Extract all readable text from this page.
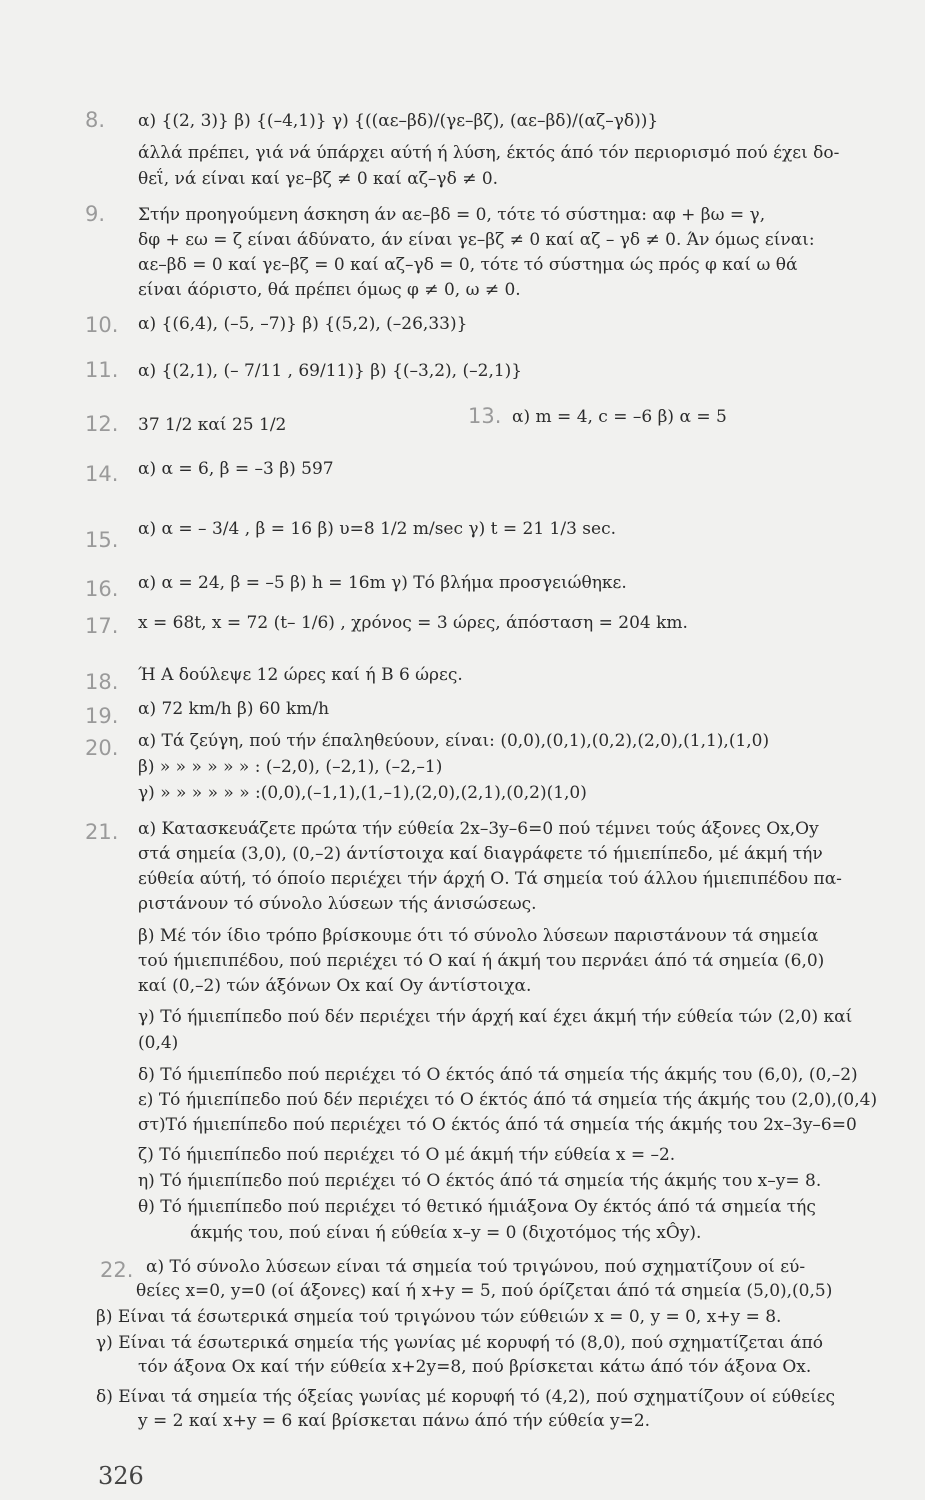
8.	α) {(2, 3)} β) {(–4,1)} γ) {((αε–βδ)/(γε–βζ), (αε–βδ)/(αζ–γδ))}
άλλά πρέπει, γιά νά ύπάρχει αύτή ή λύση, έκτός άπό τόν περιορισμό πού έχει δο-
θεΐ, νά είναι καί γε–βζ ≠ 0 καί αζ–γδ ≠ 0.
9.	Στήν προηγούμενη άσκηση άν αε–βδ = 0, τότε τό σύστημα: αφ + βω = γ,
δφ + εω = ζ είναι άδύνατο, άν είναι γε–βζ ≠ 0 καί αζ – γδ ≠ 0. Άν όμως είναι:
αε–βδ = 0 καί γε–βζ = 0 καί αζ–γδ = 0, τότε τό σύστημα ώς πρός φ καί ω θά
είναι άόριστο, θά πρέπει όμως φ ≠ 0, ω ≠ 0.
10.	α) {(6,4), (–5, –7)} β) {(5,2), (–26,33)}
11.	α) {(2,1), (– 7/11 , 69/11)} β) {(–3,2), (–2,1)}
12.	37 1/2 καί 25 1/2	13. α) m = 4, c = –6 β) α = 5
14.	α) α = 6, β = –3 β) 597
15.	α) α = – 3/4 , β = 16 β) υ=8 1/2 m/sec γ) t = 21 1/3 sec.
16.	α) α = 24, β = –5 β) h = 16m γ) Τό βλήμα προσγειώθηκε.
17.	x = 68t, x = 72 (t– 1/6) , χρόνος = 3 ώρες, άπόσταση = 204 km.
18.	Ή Α δούλεψε 12 ώρες καί ή Β 6 ώρες.
19.	α) 72 km/h β) 60 km/h
20.	α) Τά ζεύγη, πού τήν έπαληθεύουν, είναι: (0,0),(0,1),(0,2),(2,0),(1,1),(1,0)
β) » » » » » » : (–2,0), (–2,1), (–2,–1)
γ) » » » » » » :(0,0),(–1,1),(1,–1),(2,0),(2,1),(0,2)(1,0)
21.	α) Κατασκευάζετε πρώτα τήν εύθεία 2x–3y–6=0 πού τέμνει τούς άξονες Ox,Oy
στά σημεία (3,0), (0,–2) άντίστοιχα καί διαγράφετε τό ήμιεπίπεδο, μέ άκμή τήν
εύθεία αύτή, τό όποίο περιέχει τήν άρχή Ο. Τά σημεία τού άλλου ήμιεπιπέδου πα-
ριστάνουν τό σύνολο λύσεων τής άνισώσεως.
β) Μέ τόν ίδιο τρόπο βρίσκουμε ότι τό σύνολο λύσεων παριστάνουν τά σημεία
τού ήμιεπιπέδου, πού περιέχει τό Ο καί ή άκμή του περνάει άπό τά σημεία (6,0)
καί (0,–2) τών άξόνων Ox καί Oy άντίστοιχα.
γ) Τό ήμιεπίπεδο πού δέν περιέχει τήν άρχή καί έχει άκμή τήν εύθεία τών (2,0) καί
(0,4)
δ) Τό ήμιεπίπεδο πού περιέχει τό Ο έκτός άπό τά σημεία τής άκμής του (6,0), (0,–2)
ε) Τό ήμιεπίπεδο πού δέν περιέχει τό Ο έκτός άπό τά σημεία τής άκμής του (2,0),(0,4)
στ)Τό ήμιεπίπεδο πού περιέχει τό Ο έκτός άπό τά σημεία τής άκμής του 2x–3y–6=0
ζ) Τό ήμιεπίπεδο πού περιέχει τό Ο μέ άκμή τήν εύθεία x = –2.
η) Τό ήμιεπίπεδο πού περιέχει τό Ο έκτός άπό τά σημεία τής άκμής του x–y= 8.
θ) Τό ήμιεπίπεδο πού περιέχει τό θετικό ήμιάξονα Oy έκτός άπό τά σημεία τής
άκμής του, πού είναι ή εύθεία x–y = 0 (διχοτόμος τής xÔy).
22. α) Τό σύνολο λύσεων είναι τά σημεία τού τριγώνου, πού σχηματίζουν οί εύ-
θείες x=0, y=0 (οί άξονες) καί ή x+y = 5, πού όρίζεται άπό τά σημεία (5,0),(0,5)
β) Είναι τά έσωτερικά σημεία τού τριγώνου τών εύθειών x = 0, y = 0, x+y = 8.
γ) Είναι τά έσωτερικά σημεία τής γωνίας μέ κορυφή τό (8,0), πού σχηματίζεται άπό
τόν άξονα Ox καί τήν εύθεία x+2y=8, πού βρίσκεται κάτω άπό τόν άξονα Ox.
δ) Είναι τά σημεία τής όξείας γωνίας μέ κορυφή τό (4,2), πού σχηματίζουν οί εύθείες
y = 2 καί x+y = 6 καί βρίσκεται πάνω άπό τήν εύθεία y=2.
326
